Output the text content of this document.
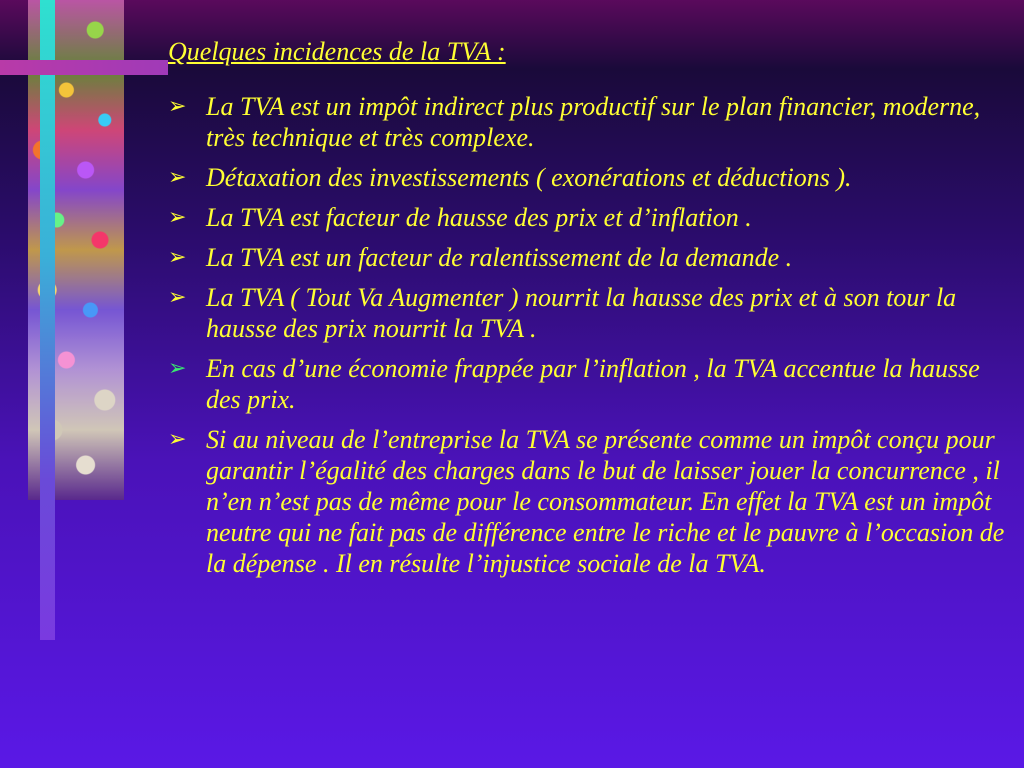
Quelques incidences de la TVA :
➢ La TVA est un impôt indirect plus productif sur le plan financier, moderne, très technique et très complexe.
➢ Détaxation des investissements ( exonérations et déductions ).
➢ La TVA est facteur de hausse des prix et d’inflation .
➢ La TVA est un facteur de ralentissement de la demande .
➢ La TVA ( Tout Va Augmenter ) nourrit la hausse des prix et à son tour la hausse des prix nourrit la TVA .
➢ En cas d’une économie frappée par l’inflation , la TVA accentue la hausse des prix.
➢ Si au niveau de l’entreprise la TVA se présente comme un impôt conçu pour garantir l’égalité des charges dans le but de laisser jouer la concurrence , il n’en n’est pas de même pour le consommateur. En effet la TVA est un impôt neutre qui ne fait pas de différence entre le riche et le pauvre à l’occasion de la dépense . Il en résulte l’injustice sociale de la TVA.
